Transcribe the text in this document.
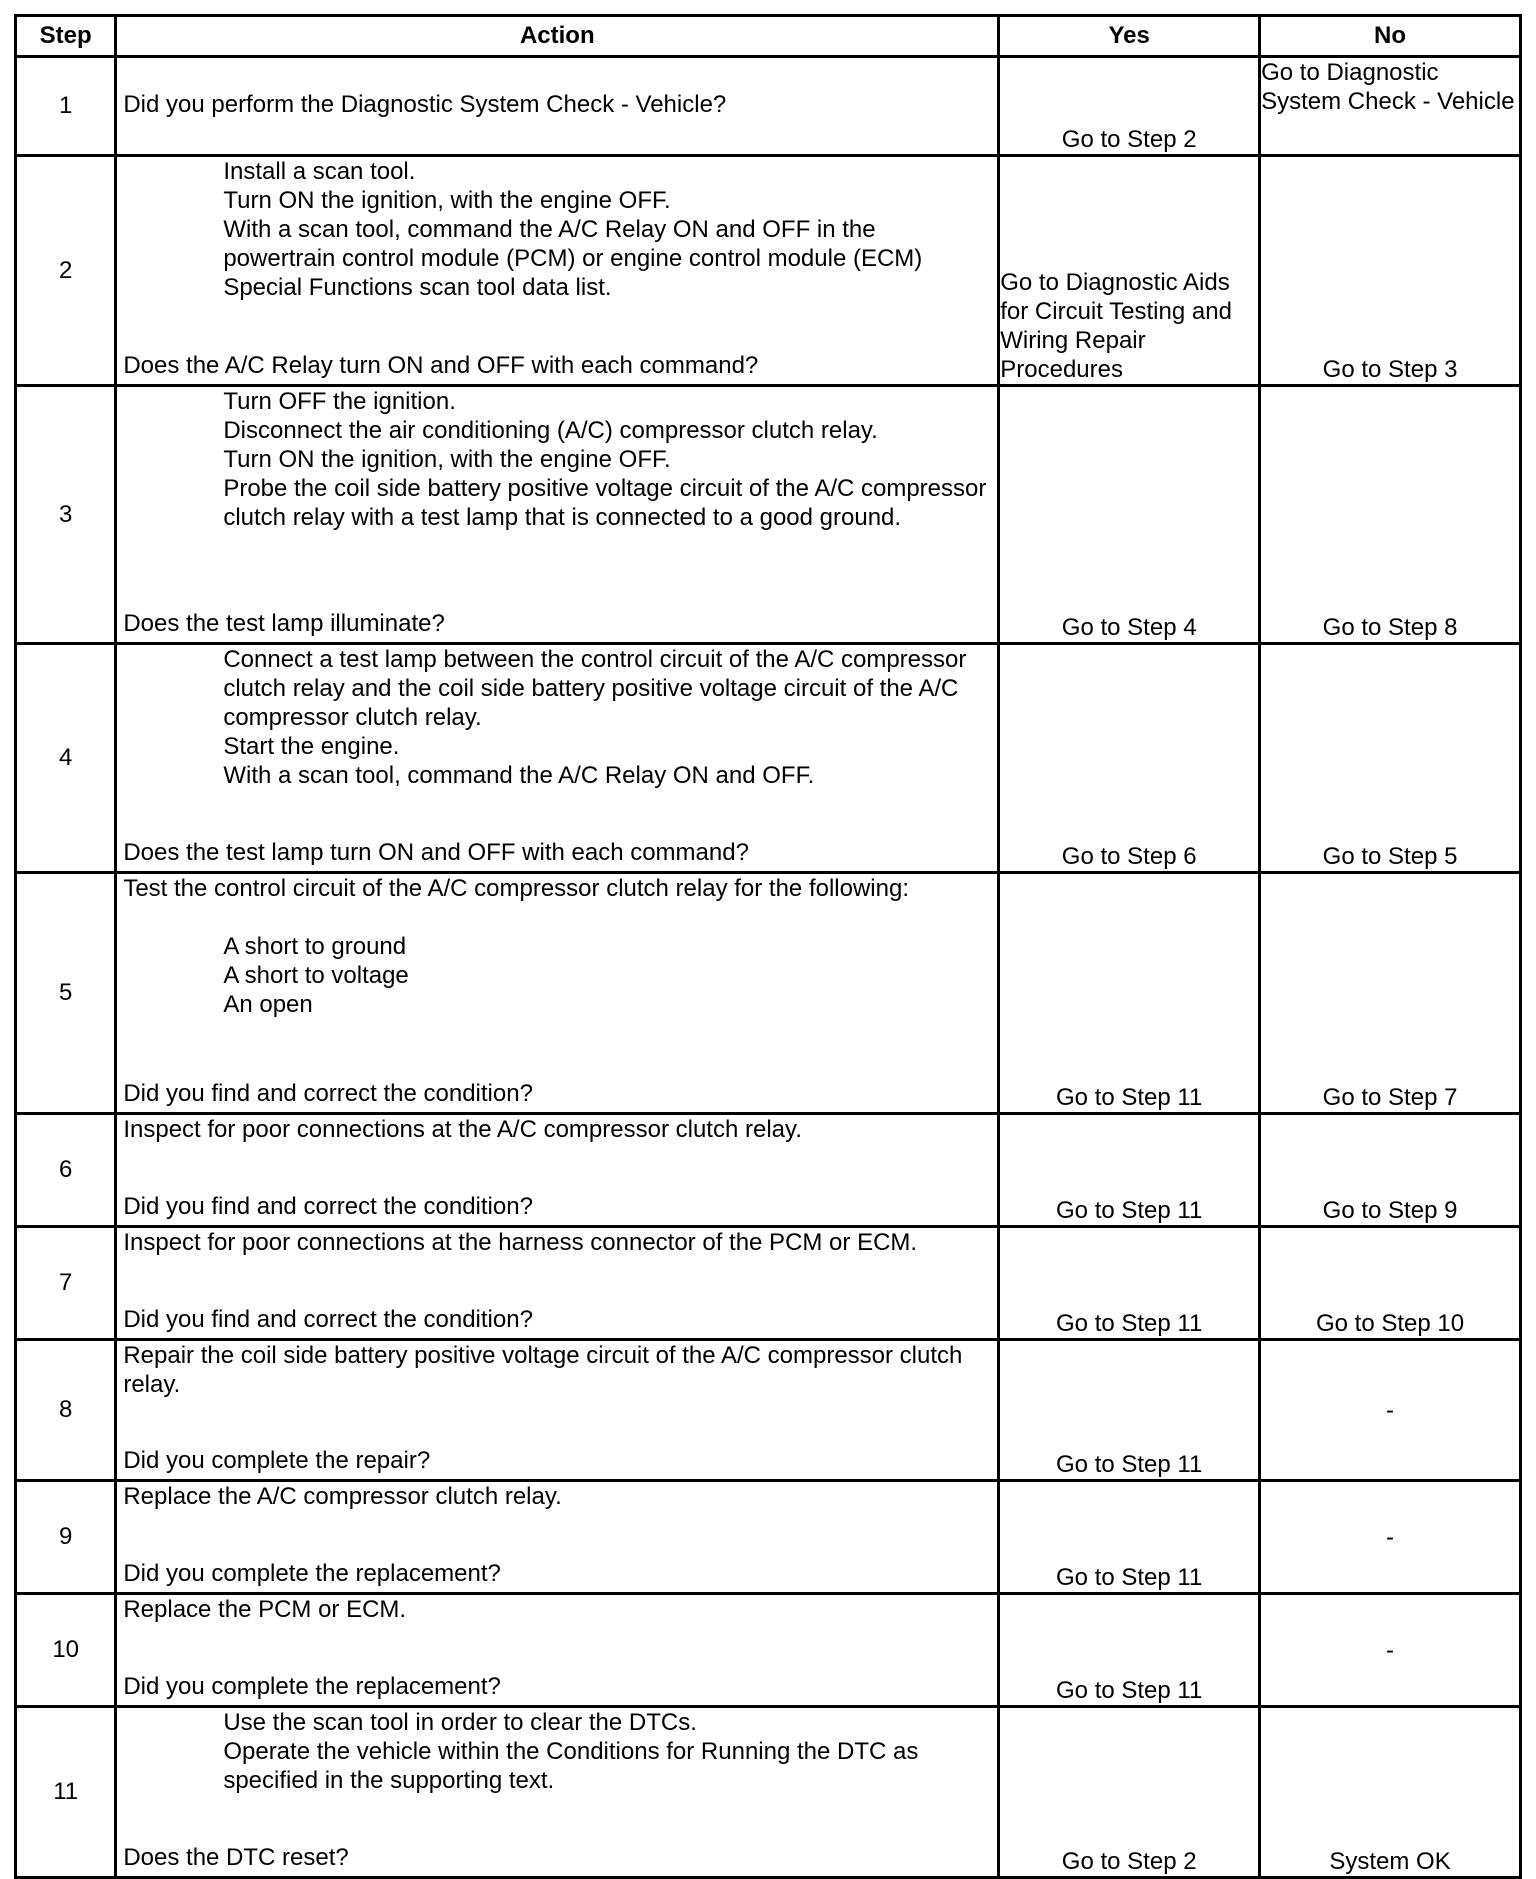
Step	Action	Yes	No
1	Did you perform the Diagnostic System Check - Vehicle?	Go to Step 2	Go to Diagnostic System Check - Vehicle
2	Install a scan tool.
Turn ON the ignition, with the engine OFF.
With a scan tool, command the A/C Relay ON and OFF in the powertrain control module (PCM) or engine control module (ECM) Special Functions scan tool data list.
Does the A/C Relay turn ON and OFF with each command?	Go to Diagnostic Aids for Circuit Testing and Wiring Repair Procedures	Go to Step 3
3	Turn OFF the ignition.
Disconnect the air conditioning (A/C) compressor clutch relay.
Turn ON the ignition, with the engine OFF.
Probe the coil side battery positive voltage circuit of the A/C compressor clutch relay with a test lamp that is connected to a good ground.
Does the test lamp illuminate?	Go to Step 4	Go to Step 8
4	Connect a test lamp between the control circuit of the A/C compressor clutch relay and the coil side battery positive voltage circuit of the A/C compressor clutch relay.
Start the engine.
With a scan tool, command the A/C Relay ON and OFF.
Does the test lamp turn ON and OFF with each command?	Go to Step 6	Go to Step 5
5	Test the control circuit of the A/C compressor clutch relay for the following:
A short to ground
A short to voltage
An open
Did you find and correct the condition?	Go to Step 11	Go to Step 7
6	Inspect for poor connections at the A/C compressor clutch relay.
Did you find and correct the condition?	Go to Step 11	Go to Step 9
7	Inspect for poor connections at the harness connector of the PCM or ECM.
Did you find and correct the condition?	Go to Step 11	Go to Step 10
8	Repair the coil side battery positive voltage circuit of the A/C compressor clutch relay.
Did you complete the repair?	Go to Step 11	-
9	Replace the A/C compressor clutch relay.
Did you complete the replacement?	Go to Step 11	-
10	Replace the PCM or ECM.
Did you complete the replacement?	Go to Step 11	-
11	Use the scan tool in order to clear the DTCs.
Operate the vehicle within the Conditions for Running the DTC as specified in the supporting text.
Does the DTC reset?	Go to Step 2	System OK
